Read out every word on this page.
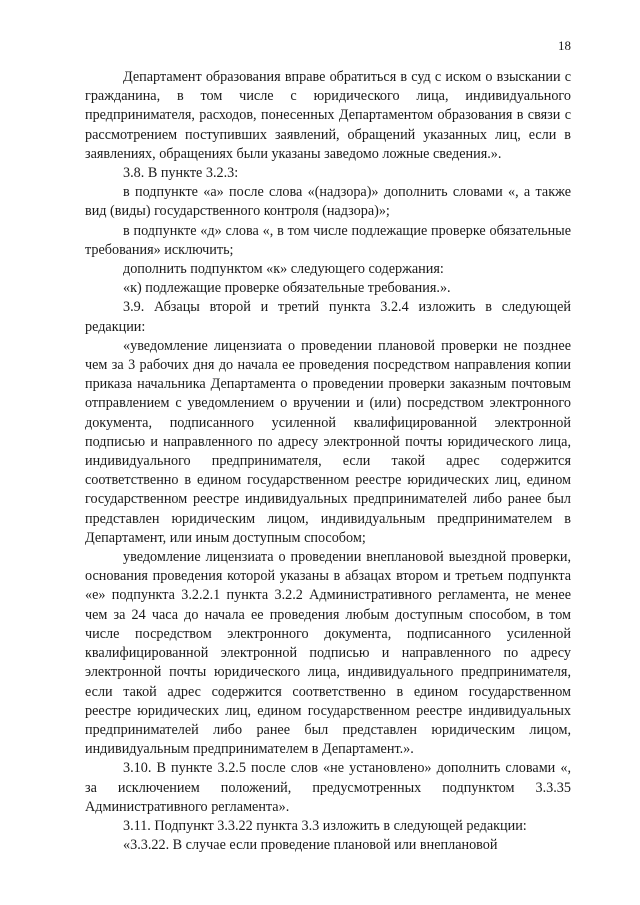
18

Департамент образования вправе обратиться в суд с иском о взыскании с гражданина, в том числе с юридического лица, индивидуального предпринимателя, расходов, понесенных Департаментом образования в связи с рассмотрением поступивших заявлений, обращений указанных лиц, если в заявлениях, обращениях были указаны заведомо ложные сведения.».

3.8. В пункте 3.2.3:

в подпункте «а» после слова «(надзора)» дополнить словами «, а также вид (виды) государственного контроля (надзора)»;

в подпункте «д» слова «, в том числе подлежащие проверке обязательные требования» исключить;

дополнить подпунктом «к» следующего содержания:

«к) подлежащие проверке обязательные требования.».

3.9. Абзацы второй и третий пункта 3.2.4 изложить в следующей редакции:

«уведомление лицензиата о проведении плановой проверки не позднее чем за 3 рабочих дня до начала ее проведения посредством направления копии приказа начальника Департамента о проведении проверки заказным почтовым отправлением с уведомлением о вручении и (или) посредством электронного документа, подписанного усиленной квалифицированной электронной подписью и направленного по адресу электронной почты юридического лица, индивидуального предпринимателя, если такой адрес содержится соответственно в едином государственном реестре юридических лиц, едином государственном реестре индивидуальных предпринимателей либо ранее был представлен юридическим лицом, индивидуальным предпринимателем в Департамент, или иным доступным способом;

уведомление лицензиата о проведении внеплановой выездной проверки, основания проведения которой указаны в абзацах втором и третьем подпункта «е» подпункта 3.2.2.1 пункта 3.2.2 Административного регламента, не менее чем за 24 часа до начала ее проведения любым доступным способом, в том числе посредством электронного документа, подписанного усиленной квалифицированной электронной подписью и направленного по адресу электронной почты юридического лица, индивидуального предпринимателя, если такой адрес содержится соответственно в едином государственном реестре юридических лиц, едином государственном реестре индивидуальных предпринимателей либо ранее был представлен юридическим лицом, индивидуальным предпринимателем в Департамент.».

3.10. В пункте 3.2.5 после слов «не установлено» дополнить словами «, за исключением положений, предусмотренных подпунктом 3.3.35 Административного регламента».

3.11. Подпункт 3.3.22 пункта 3.3 изложить в следующей редакции:

«3.3.22. В случае если проведение плановой или внеплановой
